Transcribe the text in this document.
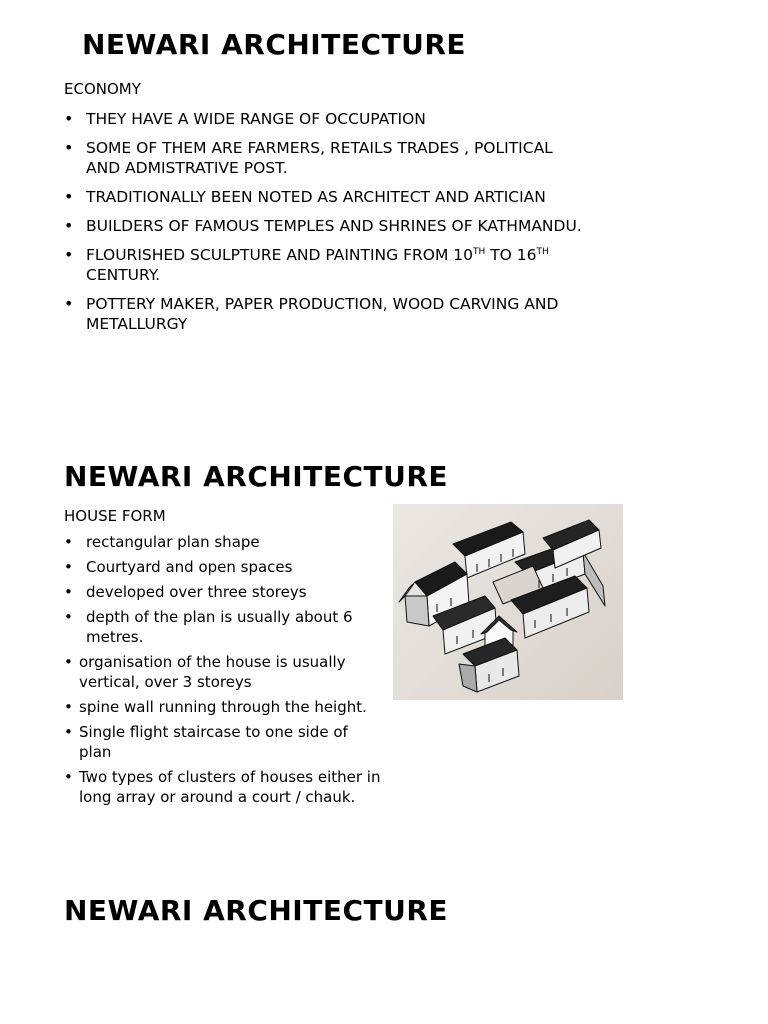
NEWARI ARCHITECTURE
ECONOMY
• THEY HAVE A WIDE RANGE OF OCCUPATION
• SOME OF THEM ARE FARMERS, RETAILS TRADES , POLITICAL AND ADMISTRATIVE POST.
• TRADITIONALLY BEEN NOTED AS ARCHITECT AND ARTICIAN
• BUILDERS OF FAMOUS TEMPLES AND SHRINES OF KATHMANDU.
• FLOURISHED SCULPTURE AND PAINTING FROM 10TH TO 16TH CENTURY.
• POTTERY MAKER, PAPER PRODUCTION, WOOD CARVING AND METALLURGY
NEWARI ARCHITECTURE
HOUSE FORM
• rectangular plan shape
• Courtyard and open spaces
• developed over three storeys
• depth of the plan is usually about 6 metres.
• organisation of the house is usually vertical, over 3 storeys
• spine wall running through the height.
• Single flight staircase to one side of plan
• Two types of clusters of houses either in long array or around a court / chauk.
NEWARI ARCHITECTURE
